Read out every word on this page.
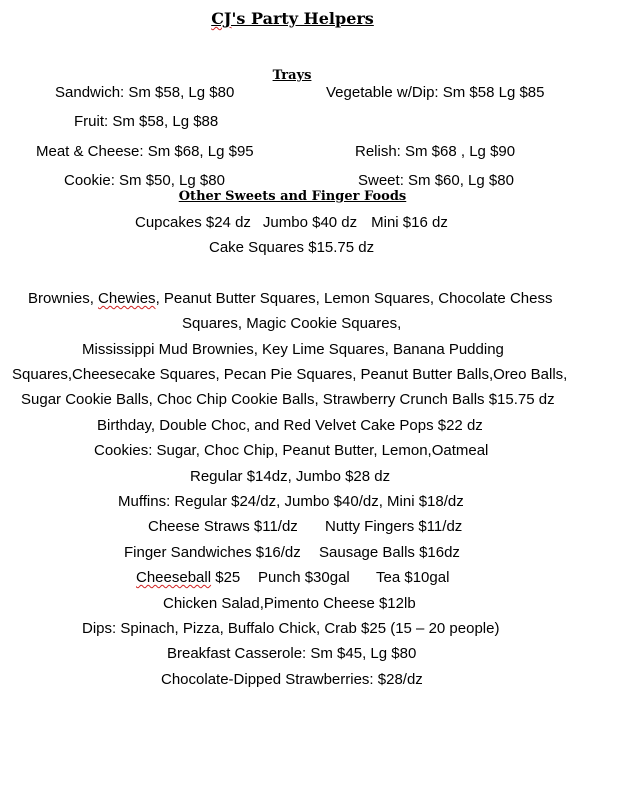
CJ's Party Helpers
Trays
Sandwich: Sm $58, Lg $80	Vegetable w/Dip: Sm $58 Lg $85
Fruit: Sm $58, Lg $88
Meat & Cheese: Sm $68, Lg $95	Relish: Sm $68 , Lg $90
Cookie: Sm $50, Lg $80	Sweet: Sm $60, Lg $80
Other Sweets and Finger Foods
Cupcakes $24 dz Jumbo $40 dz Mini $16 dz
Cake Squares $15.75 dz
Brownies, Chewies, Peanut Butter Squares, Lemon Squares, Chocolate Chess
Squares, Magic Cookie Squares,
Mississippi Mud Brownies, Key Lime Squares, Banana Pudding
Squares,Cheesecake Squares, Pecan Pie Squares, Peanut Butter Balls,Oreo Balls,
Sugar Cookie Balls, Choc Chip Cookie Balls, Strawberry Crunch Balls $15.75 dz
Birthday, Double Choc, and Red Velvet Cake Pops $22 dz
Cookies: Sugar, Choc Chip, Peanut Butter, Lemon,Oatmeal
Regular $14dz, Jumbo $28 dz
Muffins: Regular $24/dz, Jumbo $40/dz, Mini $18/dz
Cheese Straws $11/dz Nutty Fingers $11/dz
Finger Sandwiches $16/dz Sausage Balls $16dz
Cheeseball $25 Punch $30gal Tea $10gal
Chicken Salad,Pimento Cheese $12lb
Dips: Spinach, Pizza, Buffalo Chick, Crab $25 (15 – 20 people)
Breakfast Casserole: Sm $45, Lg $80
Chocolate-Dipped Strawberries: $28/dz
